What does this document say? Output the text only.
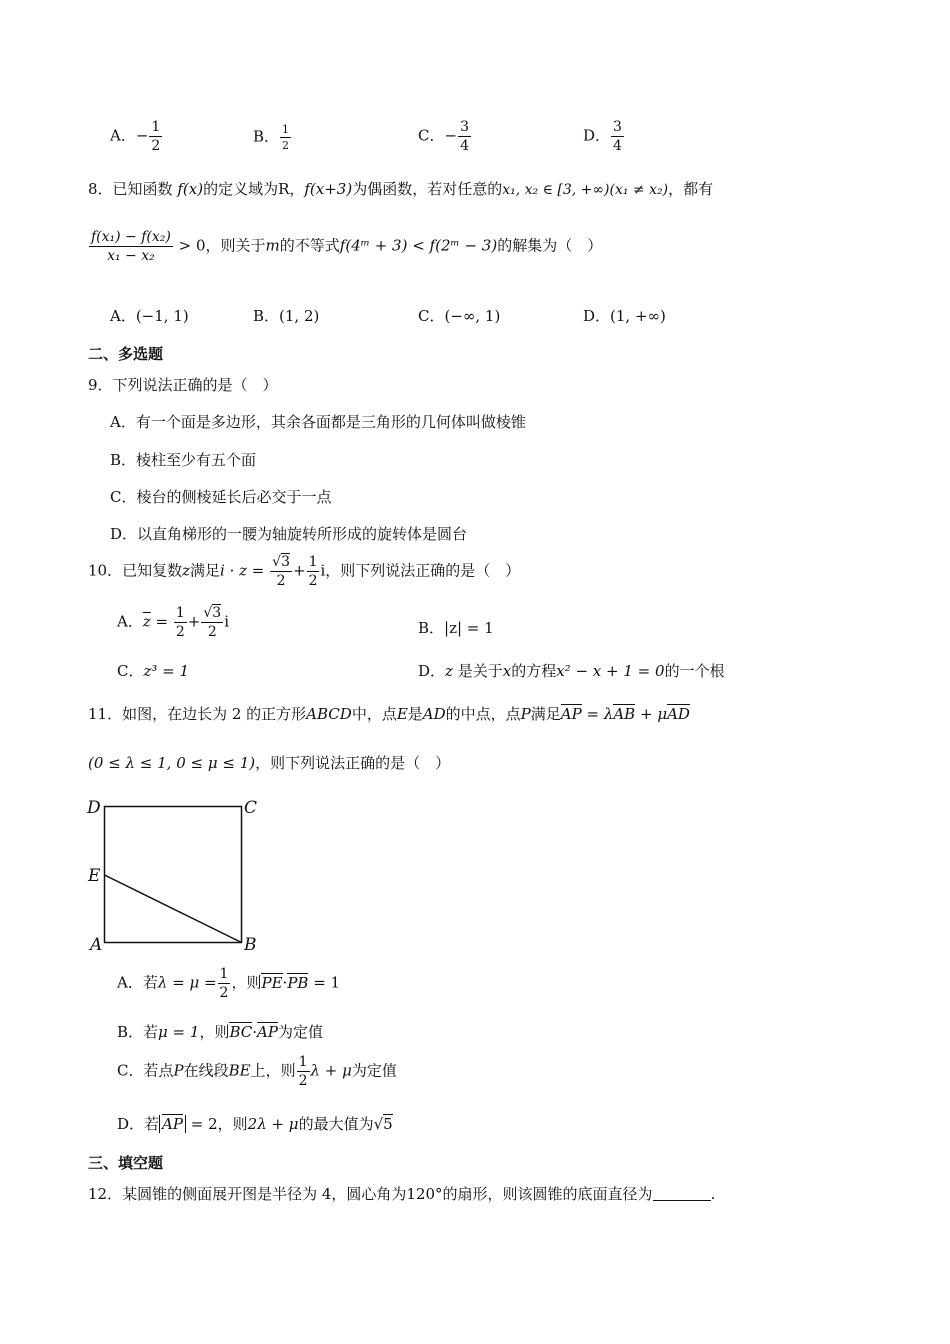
A．− $\frac{1}{2}$	B． $\frac{1}{2}$	C．− $\frac{3}{4}$	D． $\frac{3}{4}$
8．已知函数 f(x)的定义域为R，f(x+3)为偶函数，若对任意的x₁, x₂ ∈ [3, +∞)(x₁ ≠ x₂)，都有
$\frac{\text{f(x₁) − f(x₂)}}{\text{x₁ − x₂}} > 0$，则关于m的不等式f(4ᵐ + 3) < f(2ᵐ − 3)的解集为（　）
A．(−1, 1)	B．(1, 2)	C．(−∞, 1)	D．(1, +∞)
二、多选题
9．下列说法正确的是（　）
A．有一个面是多边形，其余各面都是三角形的几何体叫做棱锥
B．棱柱至少有五个面
C．棱台的侧棱延长后必交于一点
D．以直角梯形的一腰为轴旋转所形成的旋转体是圆台
10．已知复数z满足$i \cdot z = \frac{√3}{2} + \frac{1}{2}$ i，则下列说法正确的是（　）
A．$\overline{z} = \frac{1}{2} + \frac{√3}{2}$ i	B．|z| = 1
C．z³ = 1	D．z 是关于x的方程x² − x + 1 = 0的一个根
11．如图，在边长为 2 的正方形ABCD中，点E是AD的中点，点P满足AP = λAB + μAD
(0 ≤ λ ≤ 1, 0 ≤ μ ≤ 1)，则下列说法正确的是（　）
D	C
E
A	B
A．若$\lambda = \mu = \frac{1}{2}$ ，则PE·PB = 1
B．若μ = 1，则BC·AP为定值
C．若点P在线段BE上，则 $\frac{1}{2}$ λ + μ为定值
D．若 AP = 2，则2λ + μ的最大值为√5
三、填空题
12．某圆锥的侧面展开图是半径为 4，圆心角为120°的扇形，则该圆锥的底面直径为	.
